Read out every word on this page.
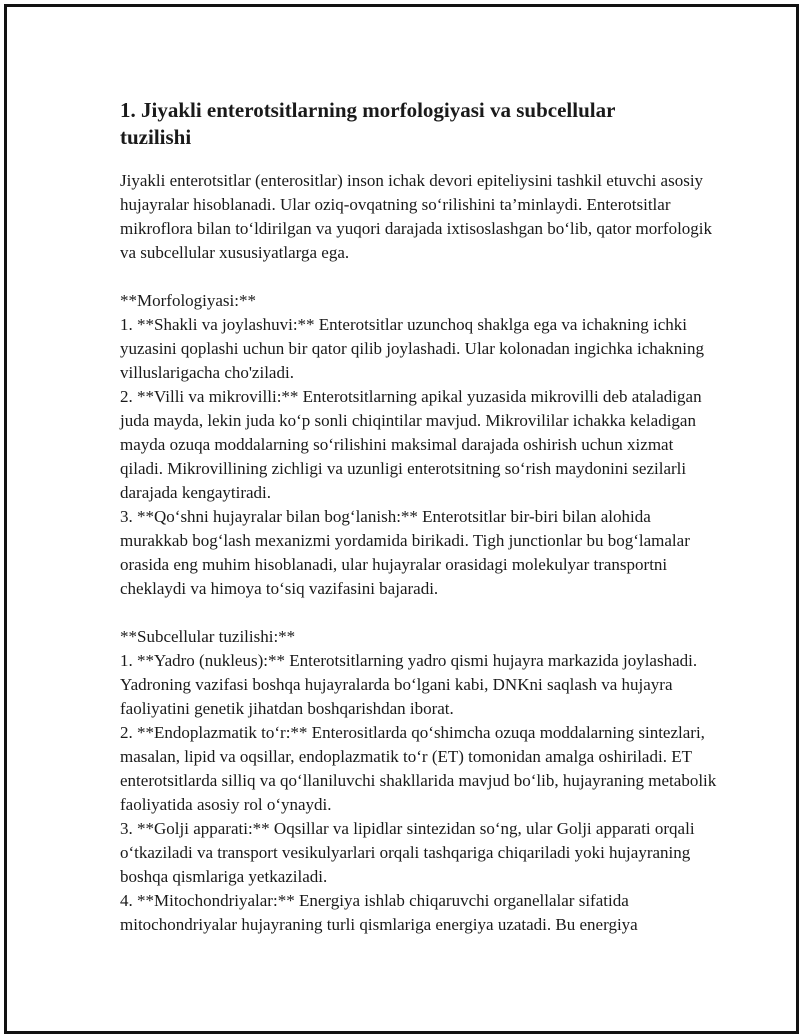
1. Jiyakli enterotsitlarning morfologiyasi va subcellular tuzilishi

Jiyakli enterotsitlar (enterositlar) inson ichak devori epiteliysini tashkil etuvchi asosiy hujayralar hisoblanadi. Ular oziq-ovqatning so‘rilishini ta’minlaydi. Enterotsitlar mikroflora bilan to‘ldirilgan va yuqori darajada ixtisoslashgan bo‘lib, qator morfologik va subcellular xususiyatlarga ega.

**Morfologiyasi:**

1. **Shakli va joylashuvi:** Enterotsitlar uzunchoq shaklga ega va ichakning ichki yuzasini qoplashi uchun bir qator qilib joylashadi. Ular kolonadan ingichka ichakning villuslarigacha cho'ziladi.

2. **Villi va mikrovilli:** Enterotsitlarning apikal yuzasida mikrovilli deb ataladigan juda mayda, lekin juda ko‘p sonli chiqintilar mavjud. Mikrovililar ichakka keladigan mayda ozuqa moddalarning so‘rilishini maksimal darajada oshirish uchun xizmat qiladi. Mikrovillining zichligi va uzunligi enterotsitning so‘rish maydonini sezilarli darajada kengaytiradi.

3. **Qo‘shni hujayralar bilan bog‘lanish:** Enterotsitlar bir-biri bilan alohida murakkab bog‘lash mexanizmi yordamida birikadi. Tigh junctionlar bu bog‘lamalar orasida eng muhim hisoblanadi, ular hujayralar orasidagi molekulyar transportni cheklaydi va himoya to‘siq vazifasini bajaradi.

**Subcellular tuzilishi:**

1. **Yadro (nukleus):** Enterotsitlarning yadro qismi hujayra markazida joylashadi. Yadroning vazifasi boshqa hujayralarda bo‘lgani kabi, DNKni saqlash va hujayra faoliyatini genetik jihatdan boshqarishdan iborat.

2. **Endoplazmatik to‘r:** Enterositlarda qo‘shimcha ozuqa moddalarning sintezlari, masalan, lipid va oqsillar, endoplazmatik to‘r (ET) tomonidan amalga oshiriladi. ET enterotsitlarda silliq va qo‘llaniluvchi shakllarida mavjud bo‘lib, hujayraning metabolik faoliyatida asosiy rol o‘ynaydi.

3. **Golji apparati:** Oqsillar va lipidlar sintezidan so‘ng, ular Golji apparati orqali o‘tkaziladi va transport vesikulyarlari orqali tashqariga chiqariladi yoki hujayraning boshqa qismlariga yetkaziladi.

4. **Mitochondriyalar:** Energiya ishlab chiqaruvchi organellalar sifatida mitochondriyalar hujayraning turli qismlariga energiya uzatadi. Bu energiya
